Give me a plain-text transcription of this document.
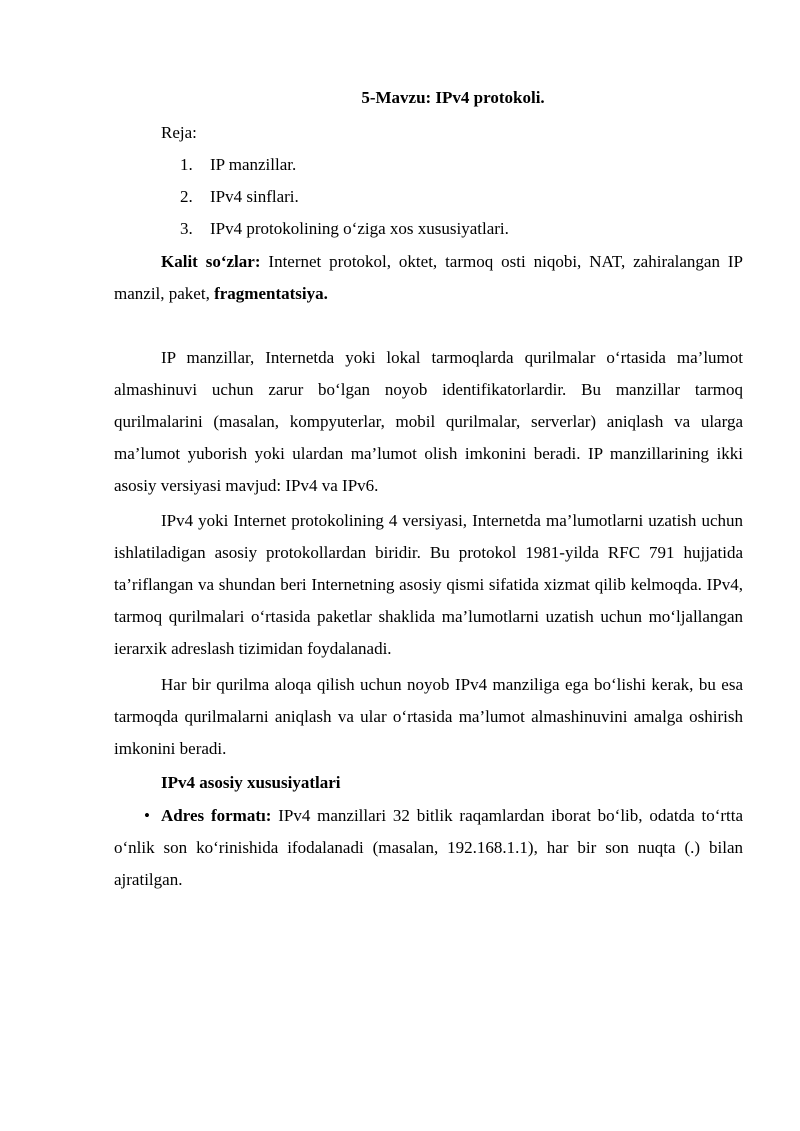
5-Mavzu: IPv4 protokoli.
Reja:
1. IP manzillar.
2. IPv4 sinflari.
3. IPv4 protokolining o‘ziga xos xususiyatlari.
Kalit so‘zlar: Internet protokol, oktet, tarmoq osti niqobi, NAT, zahiralangan IP manzil, paket, fragmentatsiya.
IP manzillar, Internetda yoki lokal tarmoqlarda qurilmalar o‘rtasida ma’lumot almashinuvi uchun zarur bo‘lgan noyob identifikatorlardir. Bu manzillar tarmoq qurilmalarini (masalan, kompyuterlar, mobil qurilmalar, serverlar) aniqlash va ularga ma’lumot yuborish yoki ulardan ma’lumot olish imkonini beradi. IP manzillarining ikki asosiy versiyasi mavjud: IPv4 va IPv6.
IPv4 yoki Internet protokolining 4 versiyasi, Internetda ma’lumotlarni uzatish uchun ishlatiladigan asosiy protokollardan biridir. Bu protokol 1981-yilda RFC 791 hujjatida ta’riflangan va shundan beri Internetning asosiy qismi sifatida xizmat qilib kelmoqda. IPv4, tarmoq qurilmalari o‘rtasida paketlar shaklida ma’lumotlarni uzatish uchun mo‘ljallangan ierarxik adreslash tizimidan foydalanadi.
Har bir qurilma aloqa qilish uchun noyob IPv4 manziliga ega bo‘lishi kerak, bu esa tarmoqda qurilmalarni aniqlash va ular o‘rtasida ma’lumot almashinuvini amalga oshirish imkonini beradi.
IPv4 asosiy xususiyatlari
• Adres formatı: IPv4 manzillari 32 bitlik raqamlardan iborat bo‘lib, odatda to‘rtta o‘nlik son ko‘rinishida ifodalanadi (masalan, 192.168.1.1), har bir son nuqta (.) bilan ajratilgan.
